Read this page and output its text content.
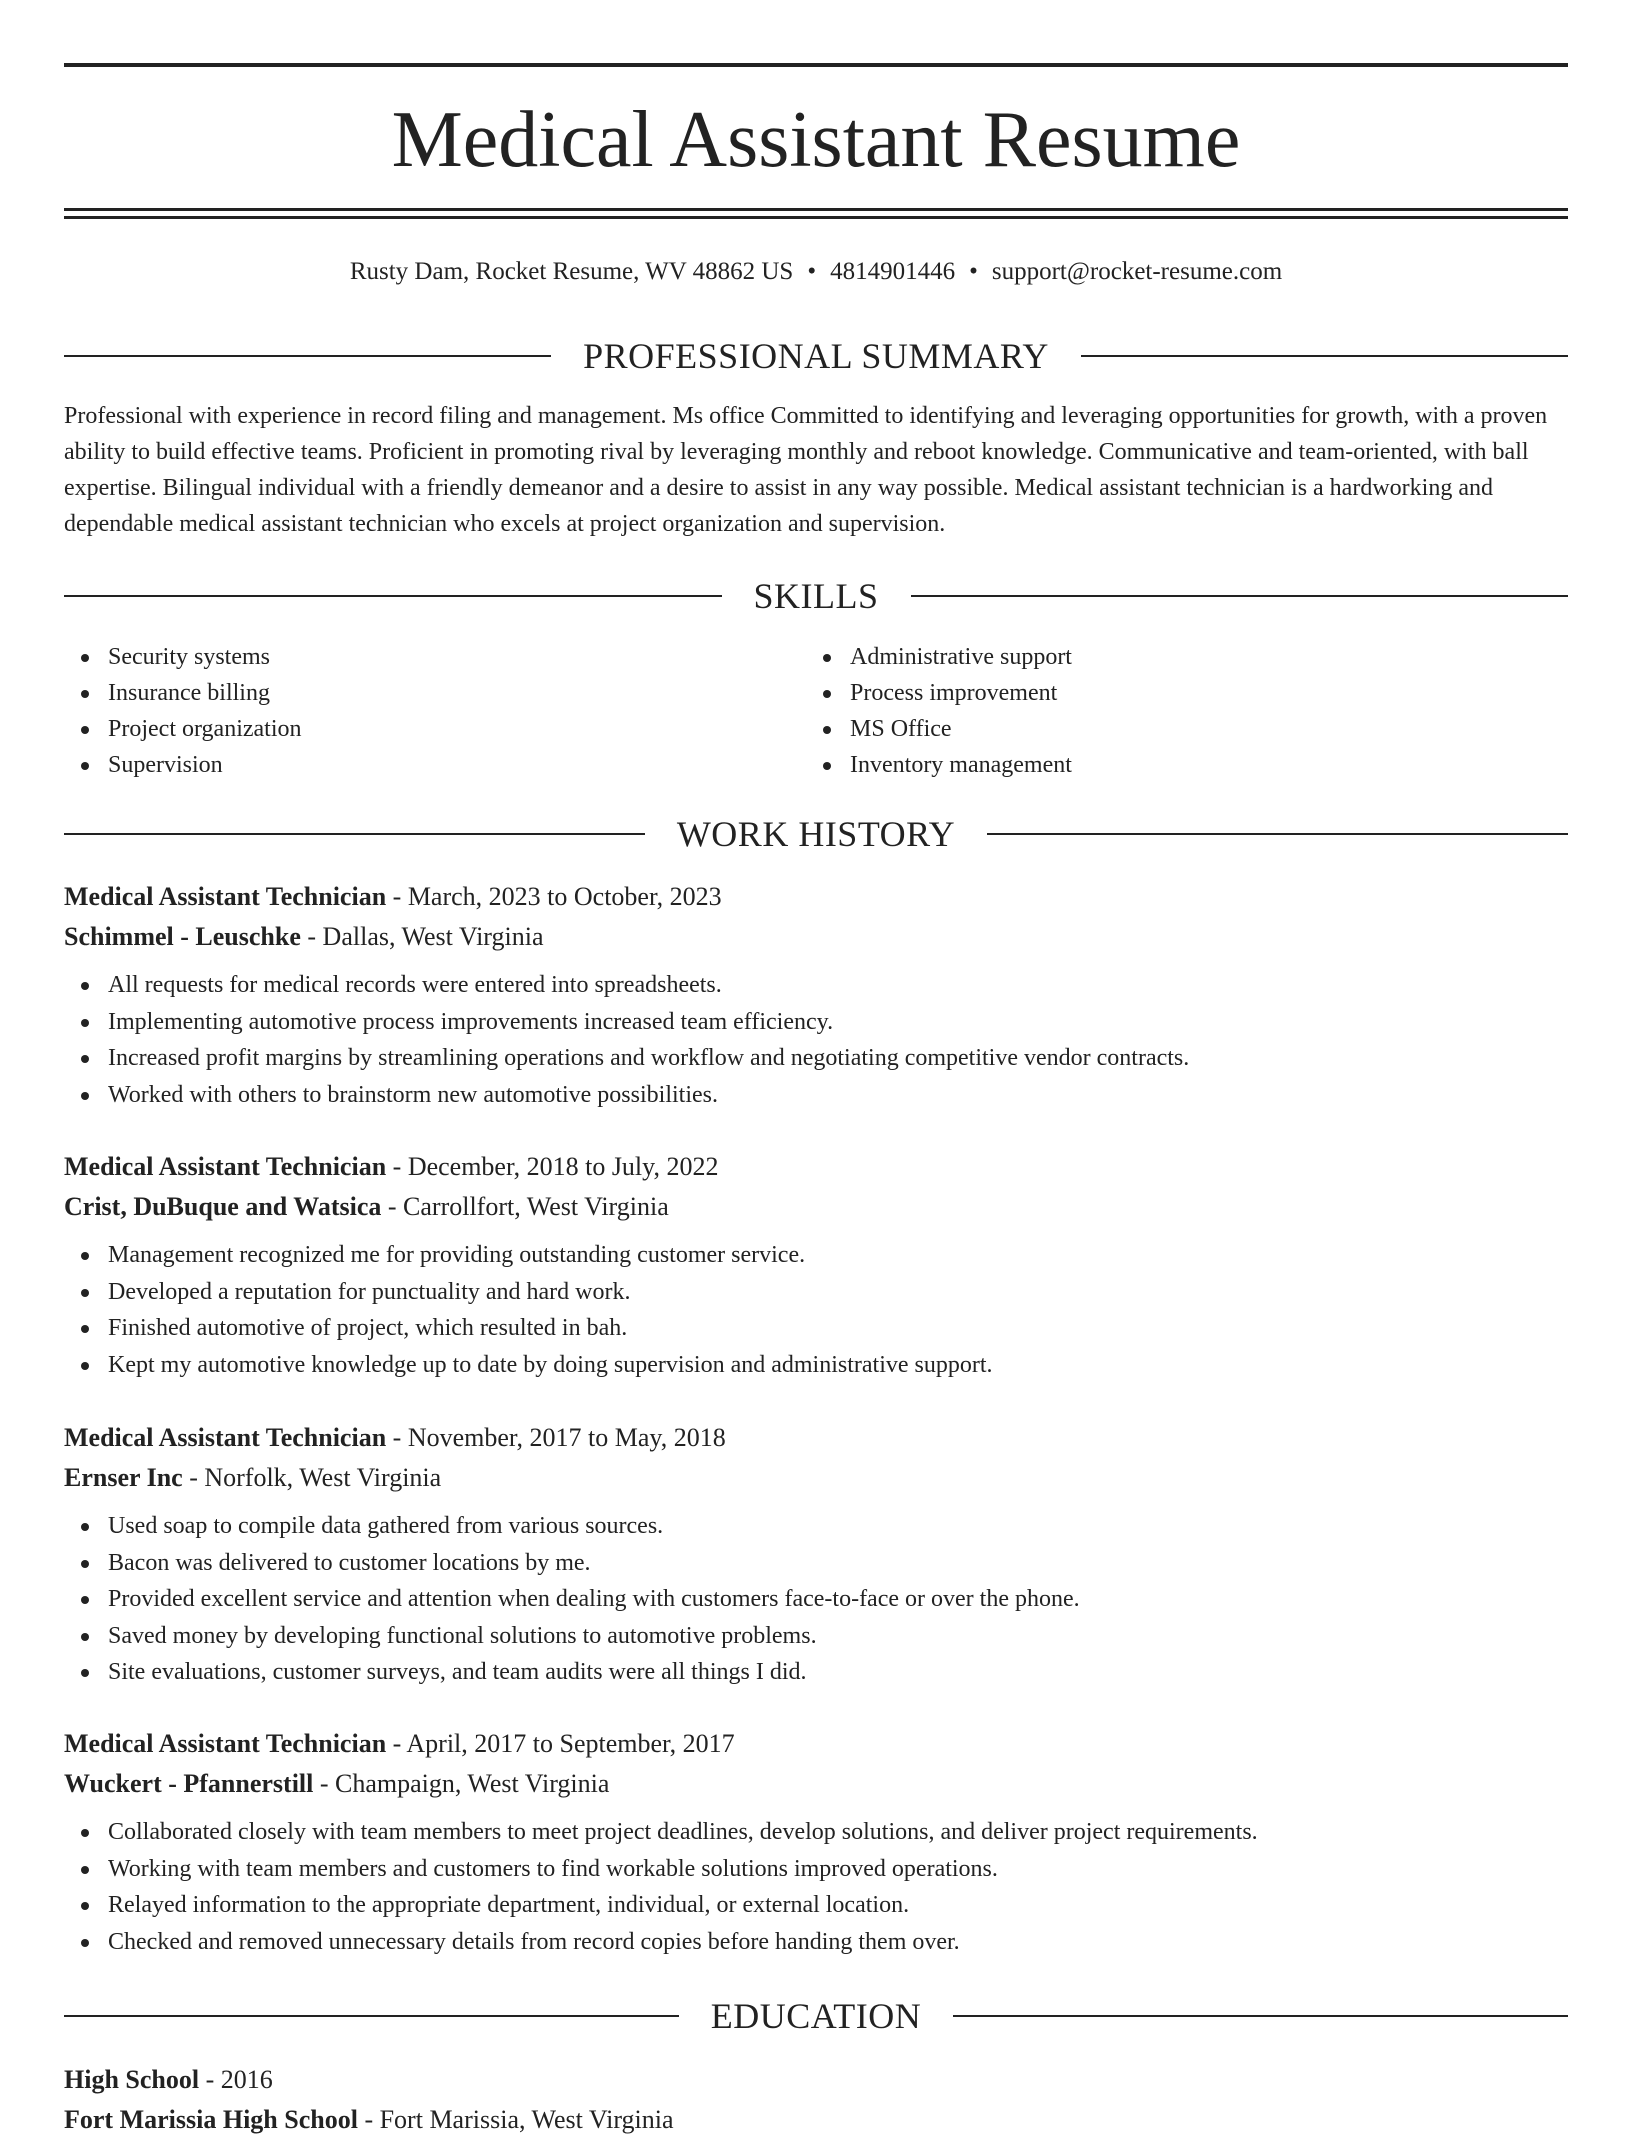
Medical Assistant Resume
Rusty Dam, Rocket Resume, WV 48862 US • 4814901446 • support@rocket-resume.com
PROFESSIONAL SUMMARY

Professional with experience in record filing and management. Ms office Committed to identifying and leveraging opportunities for growth, with a proven ability to build effective teams. Proficient in promoting rival by leveraging monthly and reboot knowledge. Communicative and team-oriented, with ball expertise. Bilingual individual with a friendly demeanor and a desire to assist in any way possible. Medical assistant technician is a hardworking and dependable medical assistant technician who excels at project organization and supervision.

SKILLS
Security systems
Insurance billing
Project organization
Supervision
Administrative support
Process improvement
MS Office
Inventory management
WORK HISTORY
Medical Assistant Technician - March, 2023 to October, 2023
Schimmel - Leuschke - Dallas, West Virginia
All requests for medical records were entered into spreadsheets.
Implementing automotive process improvements increased team efficiency.
Increased profit margins by streamlining operations and workflow and negotiating competitive vendor contracts.
Worked with others to brainstorm new automotive possibilities.
Medical Assistant Technician - December, 2018 to July, 2022
Crist, DuBuque and Watsica - Carrollfort, West Virginia
Management recognized me for providing outstanding customer service.
Developed a reputation for punctuality and hard work.
Finished automotive of project, which resulted in bah.
Kept my automotive knowledge up to date by doing supervision and administrative support.
Medical Assistant Technician - November, 2017 to May, 2018
Ernser Inc - Norfolk, West Virginia
Used soap to compile data gathered from various sources.
Bacon was delivered to customer locations by me.
Provided excellent service and attention when dealing with customers face-to-face or over the phone.
Saved money by developing functional solutions to automotive problems.
Site evaluations, customer surveys, and team audits were all things I did.
Medical Assistant Technician - April, 2017 to September, 2017
Wuckert - Pfannerstill - Champaign, West Virginia
Collaborated closely with team members to meet project deadlines, develop solutions, and deliver project requirements.
Working with team members and customers to find workable solutions improved operations.
Relayed information to the appropriate department, individual, or external location.
Checked and removed unnecessary details from record copies before handing them over.
EDUCATION
High School - 2016
Fort Marissia High School - Fort Marissia, West Virginia
